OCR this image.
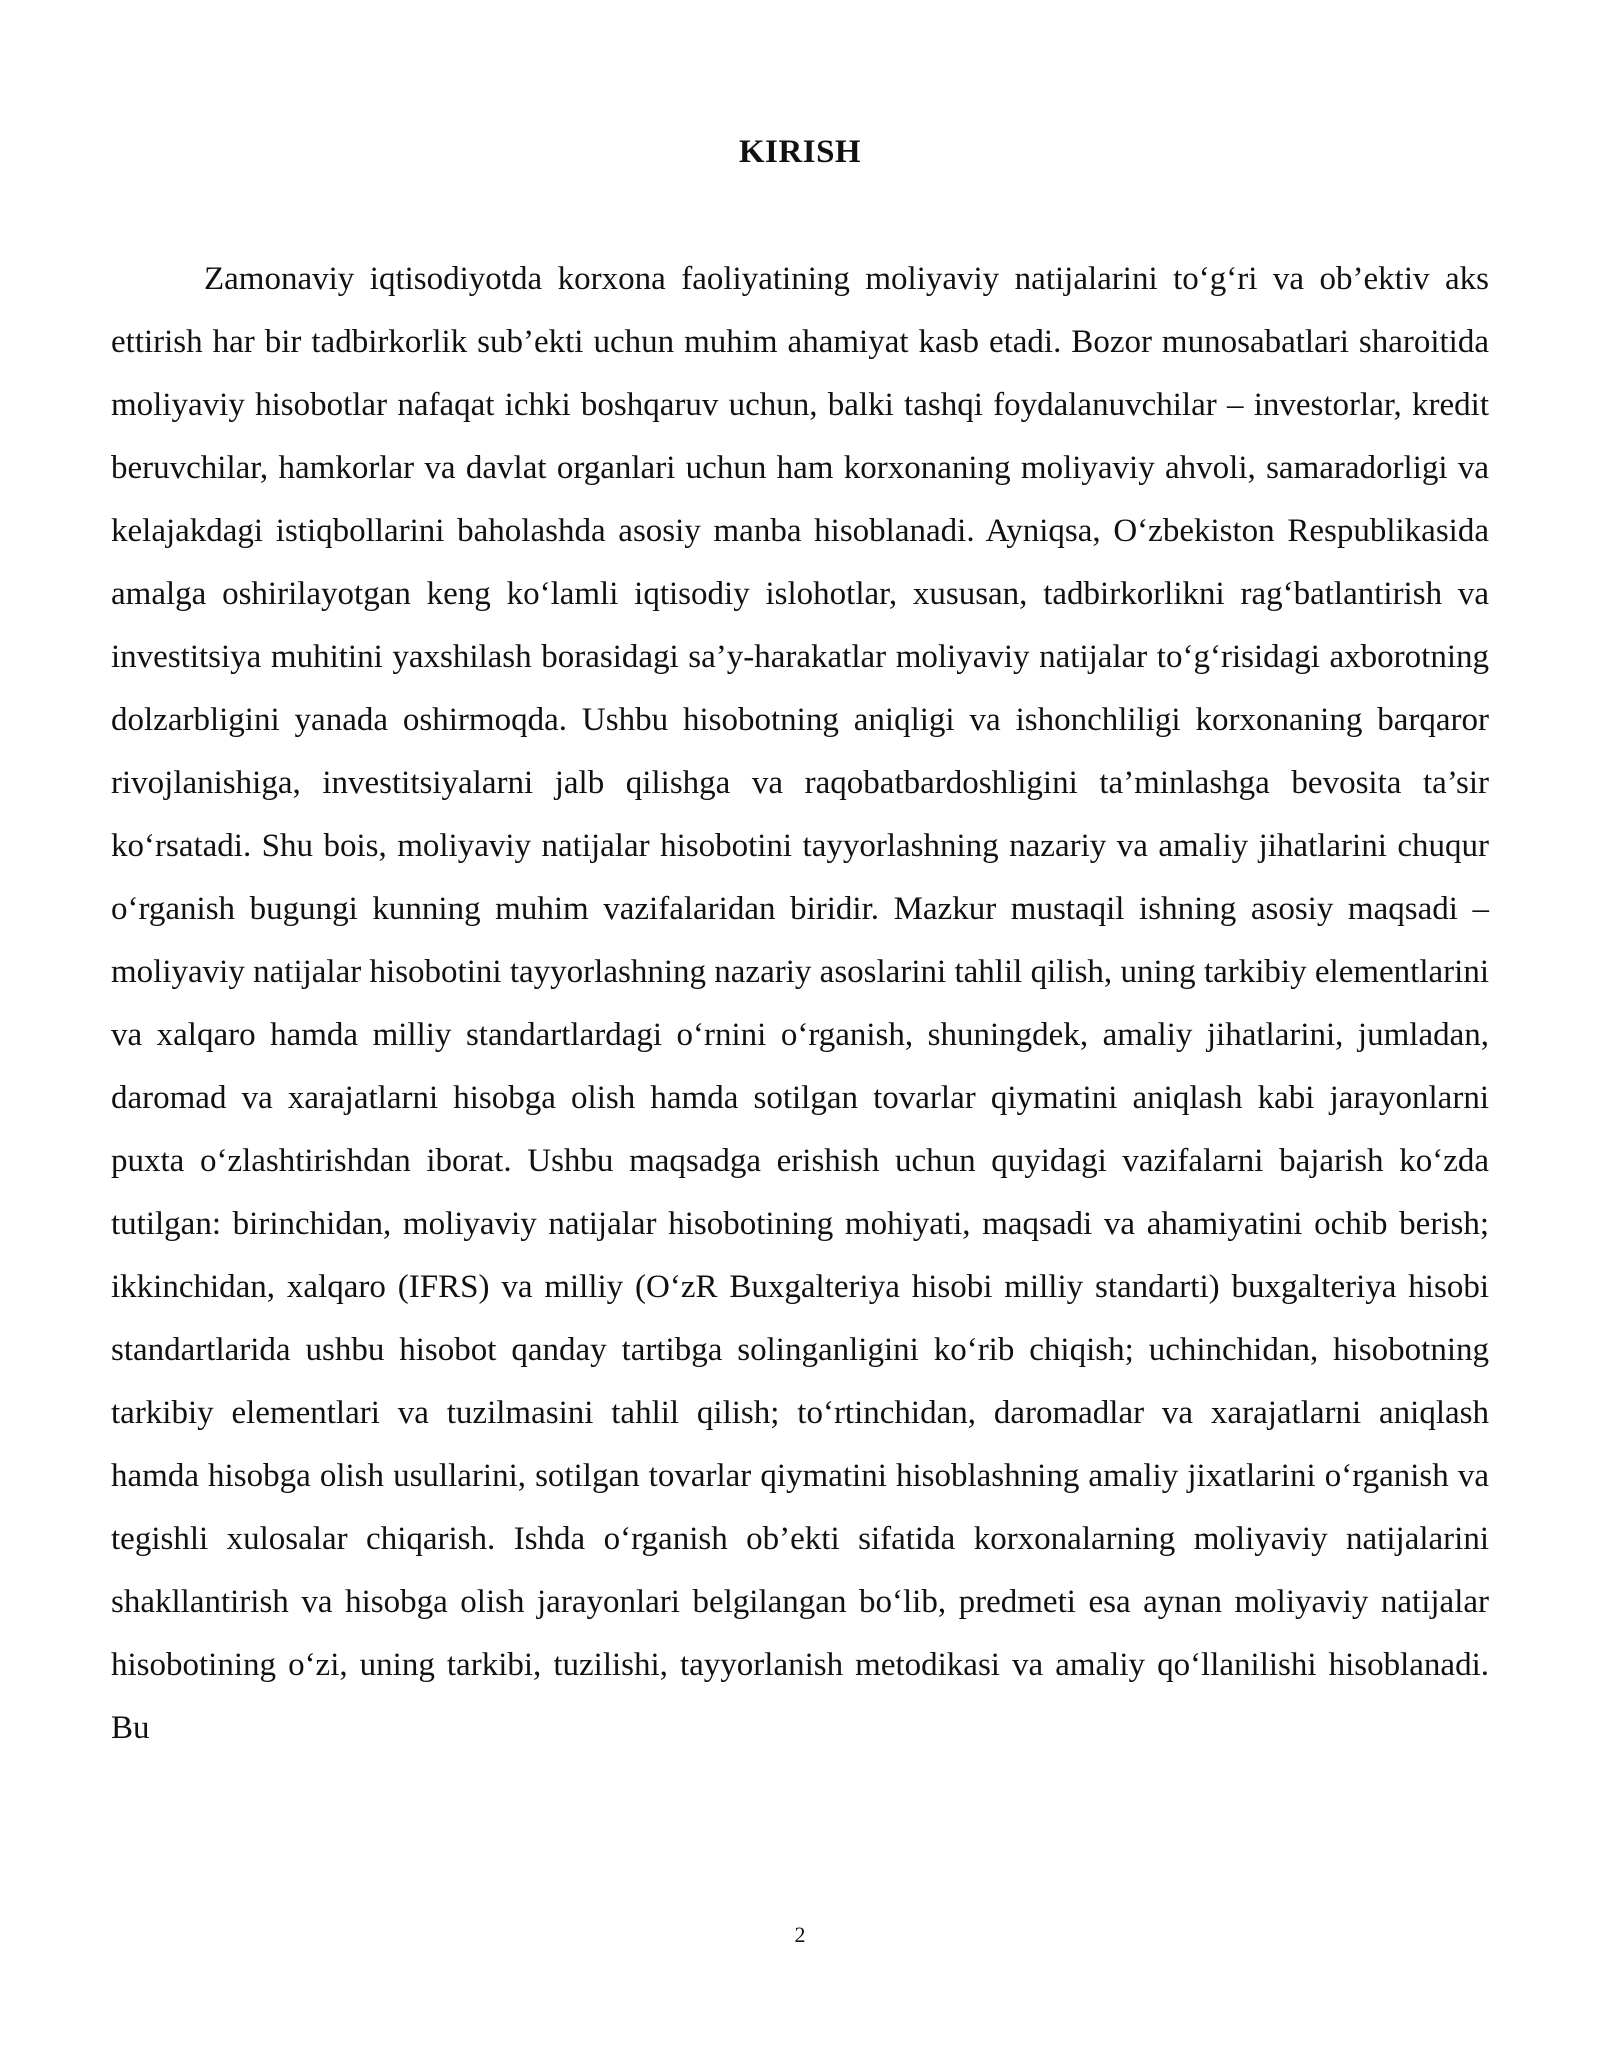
KIRISH

Zamonaviy iqtisodiyotda korxona faoliyatining moliyaviy natijalarini to‘g‘ri va ob’ektiv aks ettirish har bir tadbirkorlik sub’ekti uchun muhim ahamiyat kasb etadi. Bozor munosabatlari sharoitida moliyaviy hisobotlar nafaqat ichki boshqaruv uchun, balki tashqi foydalanuvchilar – investorlar, kredit beruvchilar, hamkorlar va davlat organlari uchun ham korxonaning moliyaviy ahvoli, samaradorligi va kelajakdagi istiqbollarini baholashda asosiy manba hisoblanadi. Ayniqsa, O‘zbekiston Respublikasida amalga oshirilayotgan keng ko‘lamli iqtisodiy islohotlar, xususan, tadbirkorlikni rag‘batlantirish va investitsiya muhitini yaxshilash borasidagi sa’y-harakatlar moliyaviy natijalar to‘g‘risidagi axborotning dolzarbligini yanada oshirmoqda. Ushbu hisobotning aniqligi va ishonchliligi korxonaning barqaror rivojlanishiga, investitsiyalarni jalb qilishga va raqobatbardoshligini ta’minlashga bevosita ta’sir ko‘rsatadi. Shu bois, moliyaviy natijalar hisobotini tayyorlashning nazariy va amaliy jihatlarini chuqur o‘rganish bugungi kunning muhim vazifalaridan biridir. Mazkur mustaqil ishning asosiy maqsadi – moliyaviy natijalar hisobotini tayyorlashning nazariy asoslarini tahlil qilish, uning tarkibiy elementlarini va xalqaro hamda milliy standartlardagi o‘rnini o‘rganish, shuningdek, amaliy jihatlarini, jumladan, daromad va xarajatlarni hisobga olish hamda sotilgan tovarlar qiymatini aniqlash kabi jarayonlarni puxta o‘zlashtirishdan iborat. Ushbu maqsadga erishish uchun quyidagi vazifalarni bajarish ko‘zda tutilgan: birinchidan, moliyaviy natijalar hisobotining mohiyati, maqsadi va ahamiyatini ochib berish; ikkinchidan, xalqaro (IFRS) va milliy (O‘zR Buxgalteriya hisobi milliy standarti) buxgalteriya hisobi standartlarida ushbu hisobot qanday tartibga solinganligini ko‘rib chiqish; uchinchidan, hisobotning tarkibiy elementlari va tuzilmasini tahlil qilish; to‘rtinchidan, daromadlar va xarajatlarni aniqlash hamda hisobga olish usullarini, sotilgan tovarlar qiymatini hisoblashning amaliy jixatlarini o‘rganish va tegishli xulosalar chiqarish. Ishda o‘rganish ob’ekti sifatida korxonalarning moliyaviy natijalarini shakllantirish va hisobga olish jarayonlari belgilangan bo‘lib, predmeti esa aynan moliyaviy natijalar hisobotining o‘zi, uning tarkibi, tuzilishi, tayyorlanish metodikasi va amaliy qo‘llanilishi hisoblanadi. Bu

2
